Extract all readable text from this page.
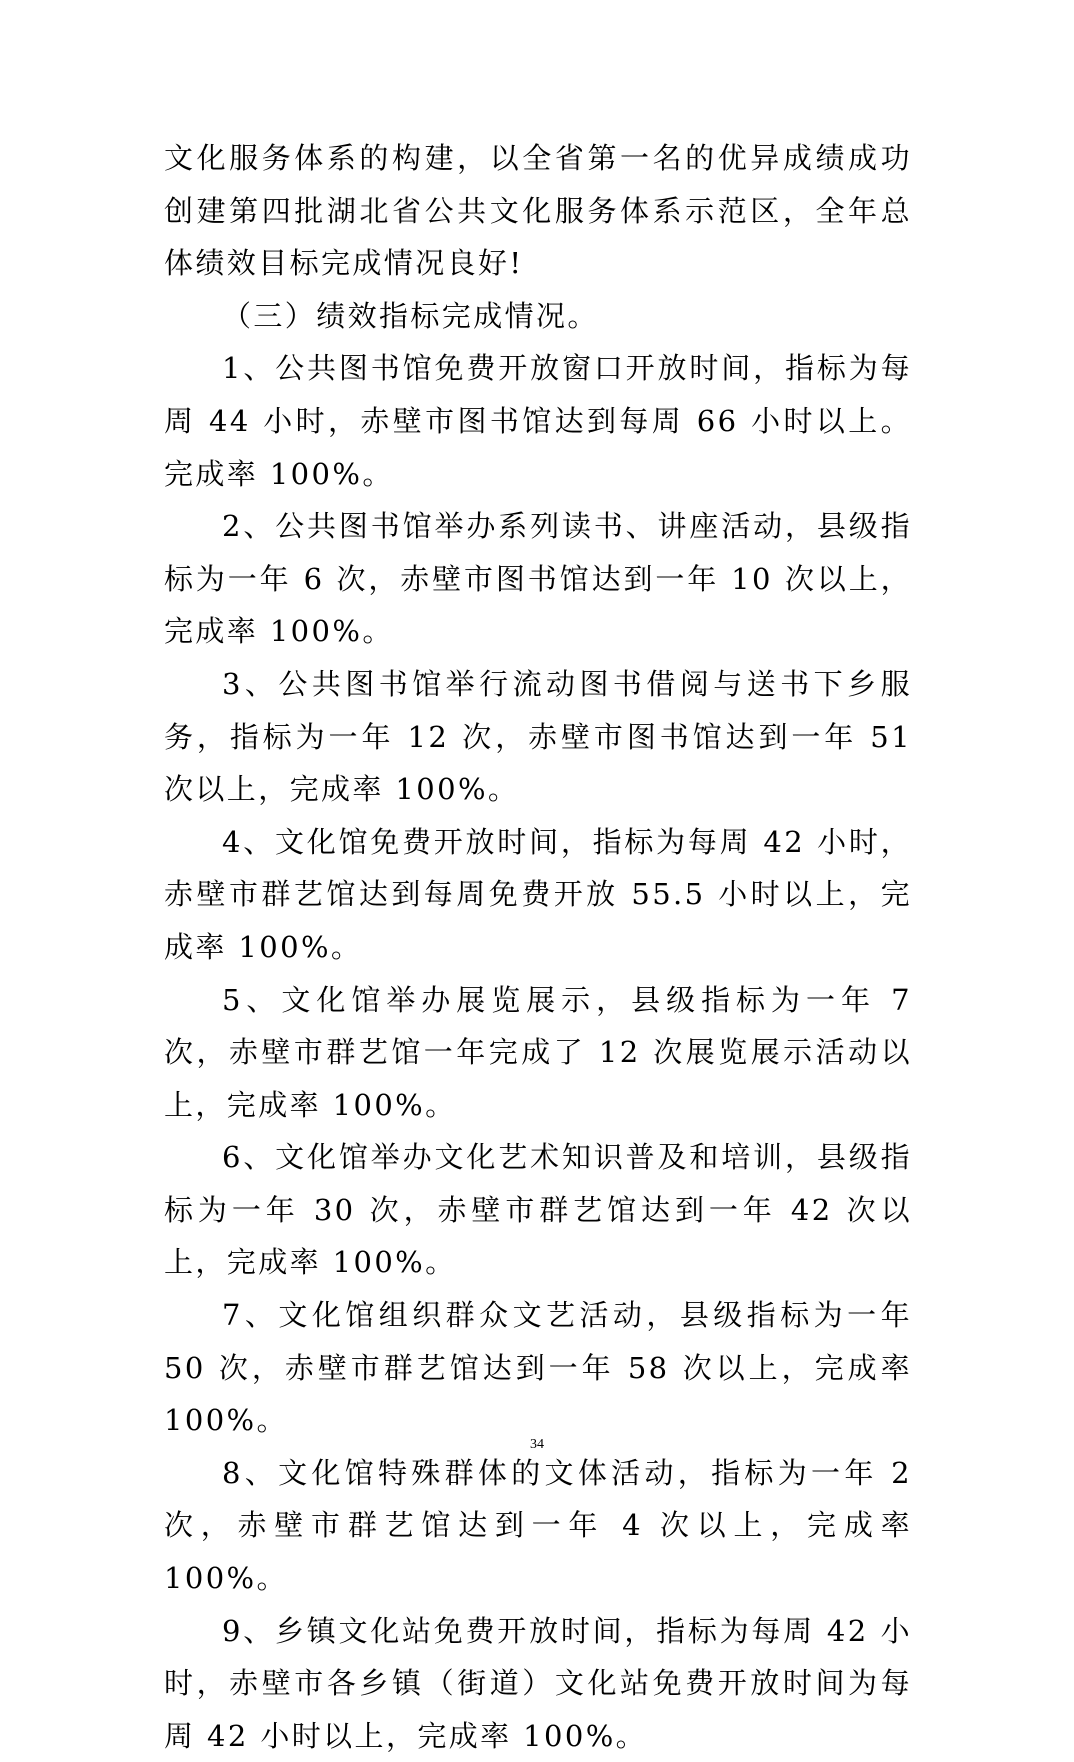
文化服务体系的构建，以全省第一名的优异成绩成功创建第四批湖北省公共文化服务体系示范区，全年总体绩效目标完成情况良好!

（三）绩效指标完成情况。

1、公共图书馆免费开放窗口开放时间，指标为每周 44 小时，赤壁市图书馆达到每周 66 小时以上。完成率 100%。

2、公共图书馆举办系列读书、讲座活动，县级指标为一年 6 次，赤壁市图书馆达到一年 10 次以上，完成率 100%。

3、公共图书馆举行流动图书借阅与送书下乡服务，指标为一年 12 次，赤壁市图书馆达到一年 51 次以上，完成率 100%。

4、文化馆免费开放时间，指标为每周 42 小时，赤壁市群艺馆达到每周免费开放 55.5 小时以上，完成率 100%。

5、文化馆举办展览展示，县级指标为一年 7 次，赤壁市群艺馆一年完成了 12 次展览展示活动以上，完成率 100%。

6、文化馆举办文化艺术知识普及和培训，县级指标为一年 30 次，赤壁市群艺馆达到一年 42 次以上，完成率 100%。

7、文化馆组织群众文艺活动，县级指标为一年 50 次，赤壁市群艺馆达到一年 58 次以上，完成率 100%。

8、文化馆特殊群体的文体活动，指标为一年 2 次，赤壁市群艺馆达到一年 4 次以上，完成率 100%。

9、乡镇文化站免费开放时间，指标为每周 42 小时，赤壁市各乡镇（街道）文化站免费开放时间为每周 42 小时以上，完成率 100%。

34
